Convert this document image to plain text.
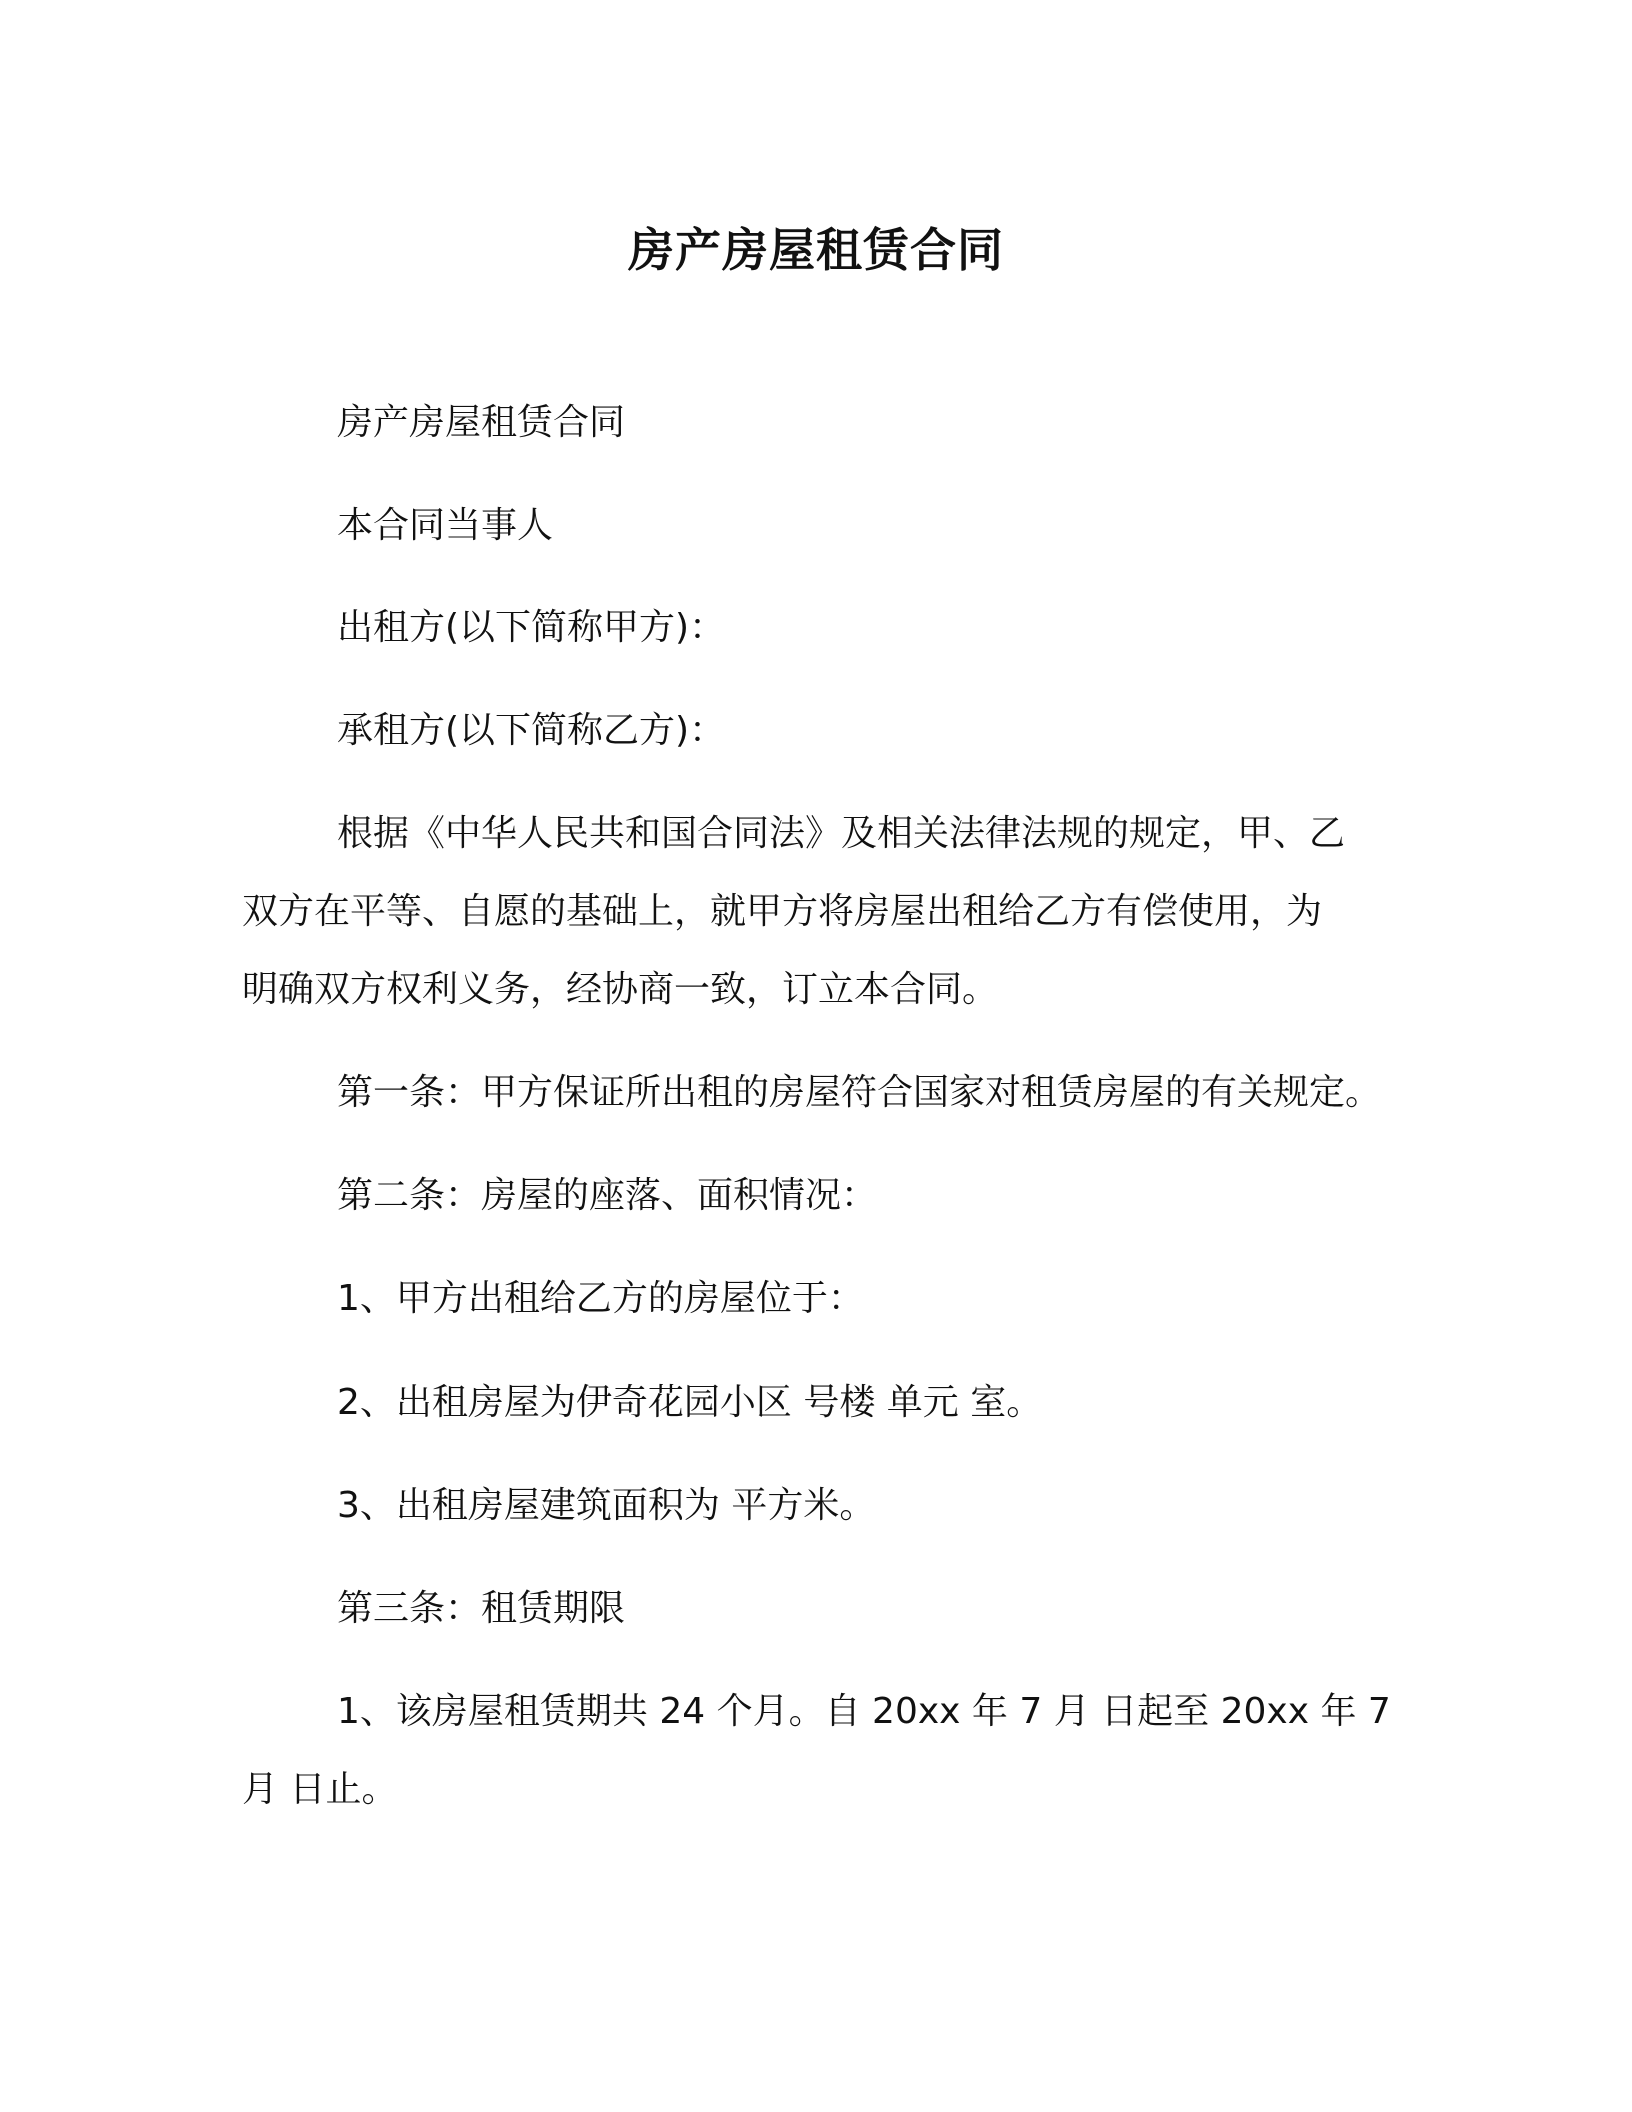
房产房屋租赁合同
房产房屋租赁合同
本合同当事人
出租方(以下简称甲方)：
承租方(以下简称乙方)：
根据《中华人民共和国合同法》及相关法律法规的规定，甲、乙
双方在平等、自愿的基础上，就甲方将房屋出租给乙方有偿使用，为
明确双方权利义务，经协商一致，订立本合同。
第一条：甲方保证所出租的房屋符合国家对租赁房屋的有关规定。
第二条：房屋的座落、面积情况：
1、甲方出租给乙方的房屋位于：
2、出租房屋为伊奇花园小区 号楼 单元 室。
3、出租房屋建筑面积为 平方米。
第三条：租赁期限
1、该房屋租赁期共 24 个月。自 20xx 年 7 月 日起至 20xx 年 7
月 日止。
